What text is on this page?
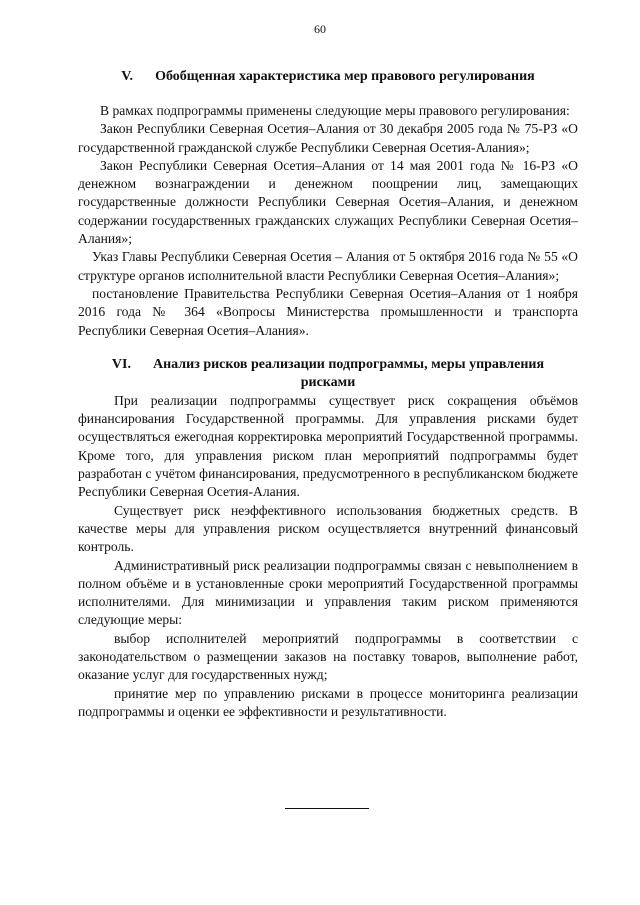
60
V. Обобщенная характеристика мер правового регулирования

В рамках подпрограммы применены следующие меры правового регулирования:

Закон Республики Северная Осетия–Алания от 30 декабря 2005 года № 75-РЗ «О государственной гражданской службе Республики Северная Осетия-Алания»;

Закон Республики Северная Осетия–Алания от 14 мая 2001 года № 16-РЗ «О денежном вознаграждении и денежном поощрении лиц, замещающих государственные должности Республики Северная Осетия–Алания, и денежном содержании государственных гражданских служащих Республики Северная Осетия–Алания»;

Указ Главы Республики Северная Осетия – Алания от 5 октября 2016 года № 55 «О структуре органов исполнительной власти Республики Северная Осетия–Алания»;

постановление Правительства Республики Северная Осетия–Алания от 1 ноября 2016 года № 364 «Вопросы Министерства промышленности и транспорта Республики Северная Осетия–Алания».

VI. Анализ рисков реализации подпрограммы, меры управления
рисками

При реализации подпрограммы существует риск сокращения объёмов финансирования Государственной программы. Для управления рисками будет осуществляться ежегодная корректировка мероприятий Государственной программы. Кроме того, для управления риском план мероприятий подпрограммы будет разработан с учётом финансирования, предусмотренного в республиканском бюджете Республики Северная Осетия-Алания.

Существует риск неэффективного использования бюджетных средств. В качестве меры для управления риском осуществляется внутренний финансовый контроль.

Административный риск реализации подпрограммы связан с невыполнением в полном объёме и в установленные сроки мероприятий Государственной программы исполнителями. Для минимизации и управления таким риском применяются следующие меры:

выбор исполнителей мероприятий подпрограммы в соответствии с законодательством о размещении заказов на поставку товаров, выполнение работ, оказание услуг для государственных нужд;

принятие мер по управлению рисками в процессе мониторинга реализации подпрограммы и оценки ее эффективности и результативности.
